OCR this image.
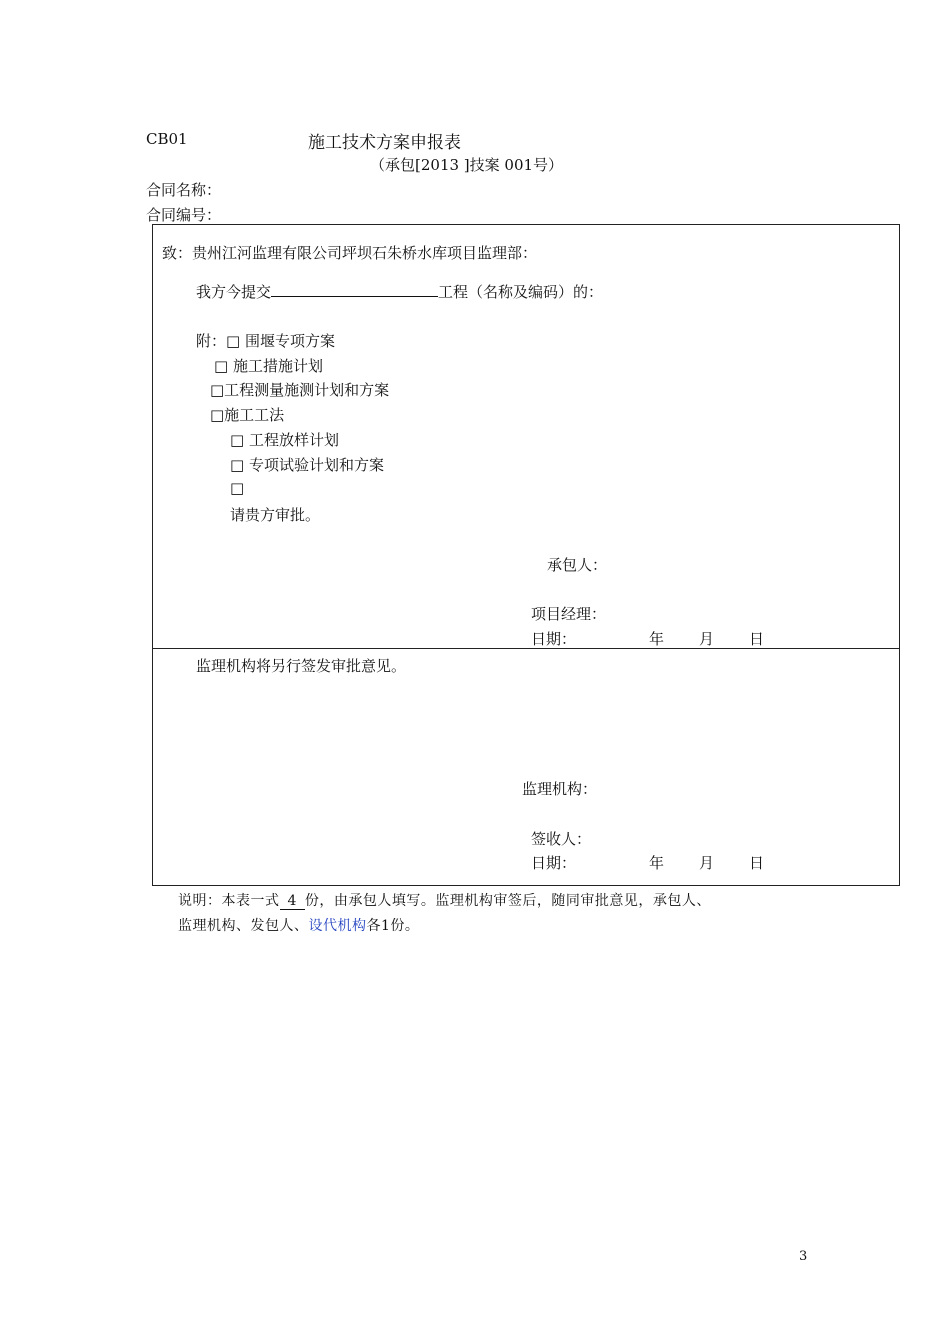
CB01	施工技术方案申报表
（承包[2013 ]技案 001号）
合同名称：
合同编号：
致：贵州江河监理有限公司坪坝石朱桥水库项目监理部：
我方今提交	工程（名称及编码）的：
附：□ 围堰专项方案
□ 施工措施计划
□工程测量施测计划和方案
□施工工法
□ 工程放样计划
□ 专项试验计划和方案
□
请贵方审批。
承包人：
项目经理：
日期：	年 月 日
监理机构将另行签发审批意见。
监理机构：
签收人：
日期：	年 月 日
说明：本表一式 4 份，由承包人填写。监理机构审签后，随同审批意见，承包人、
监理机构、发包人、设代机构各1份。
3
